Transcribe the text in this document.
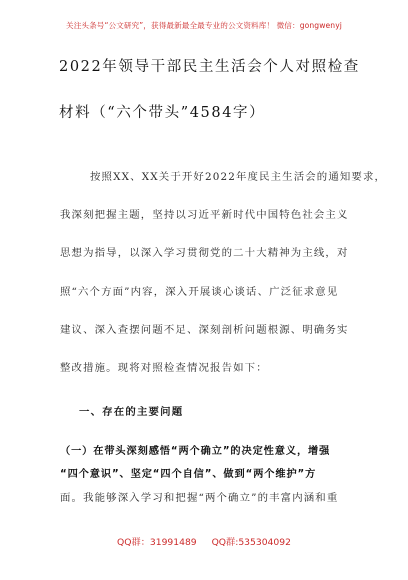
关注头条号“公文研究”，获得最新最全最专业的公文资料库！ 微信：gongwenyj
2022年领导干部民主生活会个人对照检查
材料（“六个带头”4584字）
按照XX、XX关于开好2022年度民主生活会的通知要求，
我深刻把握主题，坚持以习近平新时代中国特色社会主义
思想为指导，以深入学习贯彻党的二十大精神为主线，对
照“六个方面”内容，深入开展谈心谈话、广泛征求意见
建议、深入查摆问题不足、深刻剖析问题根源、明确务实
整改措施。现将对照检查情况报告如下：
一、存在的主要问题
（一）在带头深刻感悟“两个确立”的决定性意义，增强
“四个意识”、坚定“四个自信”、做到“两个维护”方
面。我能够深入学习和把握“两个确立”的丰富内涵和重
QQ群：31991489 QQ群:535304092
